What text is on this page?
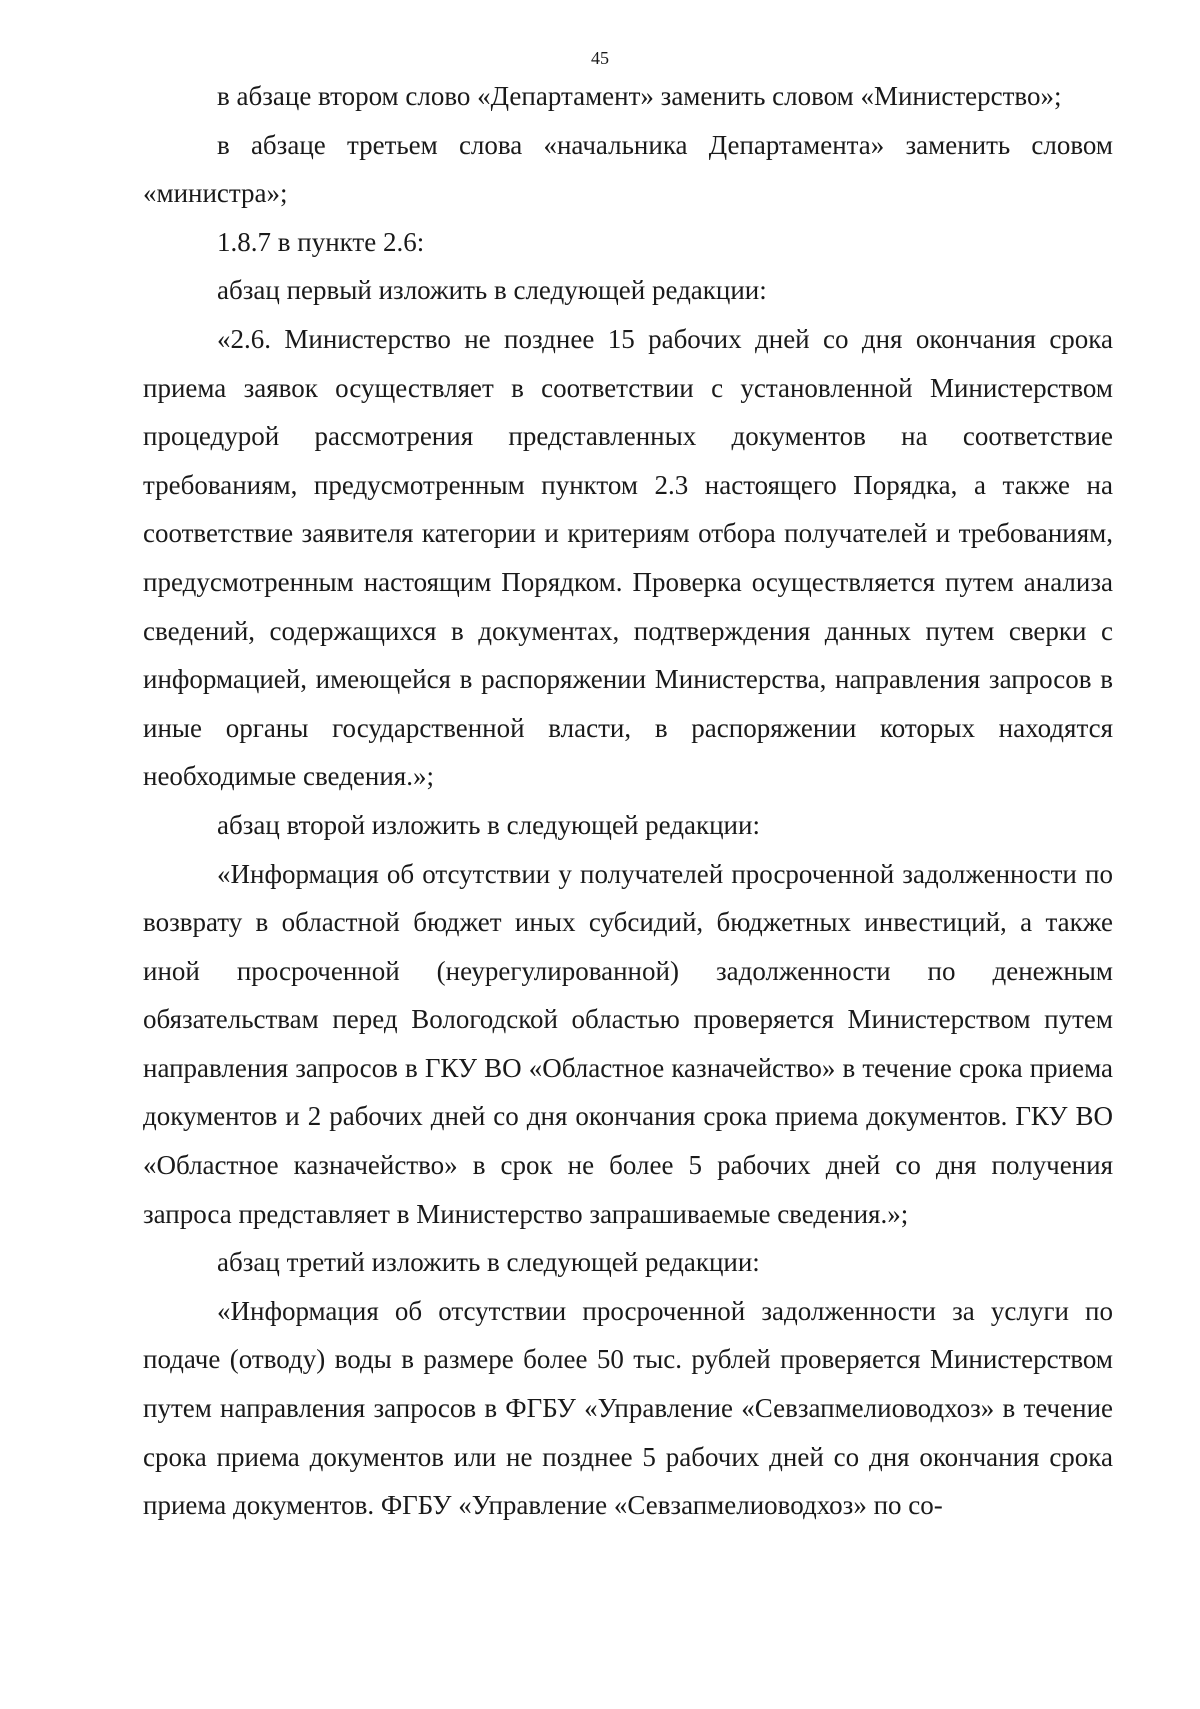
45

в абзаце втором слово «Департамент» заменить словом «Министерство»;

в абзаце третьем слова «начальника Департамента» заменить словом «министра»;

1.8.7 в пункте 2.6:

абзац первый изложить в следующей редакции:

«2.6. Министерство не позднее 15 рабочих дней со дня окончания срока приема заявок осуществляет в соответствии с установленной Министерством процедурой рассмотрения представленных документов на соответствие требованиям, предусмотренным пунктом 2.3 настоящего Порядка, а также на соответствие заявителя категории и критериям отбора получателей и требованиям, предусмотренным настоящим Порядком. Проверка осуществляется путем анализа сведений, содержащихся в документах, подтверждения данных путем сверки с информацией, имеющейся в распоряжении Министерства, направления запросов в иные органы государственной власти, в распоряжении которых находятся необходимые сведения.»;

абзац второй изложить в следующей редакции:

«Информация об отсутствии у получателей просроченной задолженности по возврату в областной бюджет иных субсидий, бюджетных инвестиций, а также иной просроченной (неурегулированной) задолженности по денежным обязательствам перед Вологодской областью проверяется Министерством путем направления запросов в ГКУ ВО «Областное казначейство» в течение срока приема документов и 2 рабочих дней со дня окончания срока приема документов. ГКУ ВО «Областное казначейство» в срок не более 5 рабочих дней со дня получения запроса представляет в Министерство запрашиваемые сведения.»;

абзац третий изложить в следующей редакции:

«Информация об отсутствии просроченной задолженности за услуги по подаче (отводу) воды в размере более 50 тыс. рублей проверяется Министерством путем направления запросов в ФГБУ «Управление «Севзапмелиоводхоз» в течение срока приема документов или не позднее 5 рабочих дней со дня окончания срока приема документов. ФГБУ «Управление «Севзапмелиоводхоз» по со-
